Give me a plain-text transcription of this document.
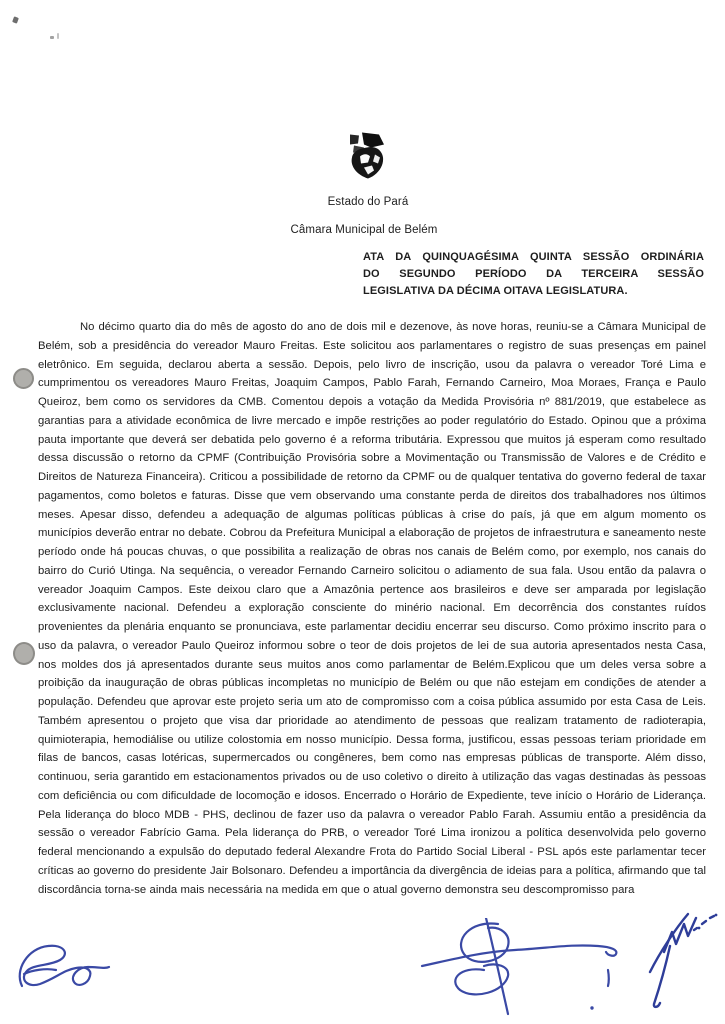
Estado do Pará
Câmara Municipal de Belém
ATA DA QUINQUAGÉSIMA QUINTA SESSÃO ORDINÁRIA
DO SEGUNDO PERÍODO DA TERCEIRA SESSÃO
LEGISLATIVA DA DÉCIMA OITAVA LEGISLATURA.
No décimo quarto dia do mês de agosto do ano de dois mil e dezenove, às nove horas, reuniu-se a Câmara Municipal de Belém, sob a presidência do vereador Mauro Freitas. Este solicitou aos parlamentares o registro de suas presenças em painel eletrônico. Em seguida, declarou aberta a sessão. Depois, pelo livro de inscrição, usou da palavra o vereador Toré Lima e cumprimentou os vereadores Mauro Freitas, Joaquim Campos, Pablo Farah, Fernando Carneiro, Moa Moraes, França e Paulo Queiroz, bem como os servidores da CMB. Comentou depois a votação da Medida Provisória nº 881/2019, que estabelece as garantias para a atividade econômica de livre mercado e impõe restrições ao poder regulatório do Estado. Opinou que a próxima pauta importante que deverá ser debatida pelo governo é a reforma tributária. Expressou que muitos já esperam como resultado dessa discussão o retorno da CPMF (Contribuição Provisória sobre a Movimentação ou Transmissão de Valores e de Crédito e Direitos de Natureza Financeira). Criticou a possibilidade de retorno da CPMF ou de qualquer tentativa do governo federal de taxar pagamentos, como boletos e faturas. Disse que vem observando uma constante perda de direitos dos trabalhadores nos últimos meses. Apesar disso, defendeu a adequação de algumas políticas públicas à crise do país, já que em algum momento os municípios deverão entrar no debate. Cobrou da Prefeitura Municipal a elaboração de projetos de infraestrutura e saneamento neste período onde há poucas chuvas, o que possibilita a realização de obras nos canais de Belém como, por exemplo, nos canais do bairro do Curió Utinga. Na sequência, o vereador Fernando Carneiro solicitou o adiamento de sua fala. Usou então da palavra o vereador Joaquim Campos. Este deixou claro que a Amazônia pertence aos brasileiros e deve ser amparada por legislação exclusivamente nacional. Defendeu a exploração consciente do minério nacional. Em decorrência dos constantes ruídos provenientes da plenária enquanto se pronunciava, este parlamentar decidiu encerrar seu discurso. Como próximo inscrito para o uso da palavra, o vereador Paulo Queiroz informou sobre o teor de dois projetos de lei de sua autoria apresentados nesta Casa, nos moldes dos já apresentados durante seus muitos anos como parlamentar de Belém.Explicou que um deles versa sobre a proibição da inauguração de obras públicas incompletas no município de Belém ou que não estejam em condições de atender a população. Defendeu que aprovar este projeto seria um ato de compromisso com a coisa pública assumido por esta Casa de Leis. Também apresentou o projeto que visa dar prioridade ao atendimento de pessoas que realizam tratamento de radioterapia, quimioterapia, hemodiálise ou utilize colostomia em nosso município. Dessa forma, justificou, essas pessoas teriam prioridade em filas de bancos, casas lotéricas, supermercados ou congêneres, bem como nas empresas públicas de transporte. Além disso, continuou, seria garantido em estacionamentos privados ou de uso coletivo o direito à utilização das vagas destinadas às pessoas com deficiência ou com dificuldade de locomoção e idosos. Encerrado o Horário de Expediente, teve início o Horário de Liderança. Pela liderança do bloco MDB - PHS, declinou de fazer uso da palavra o vereador Pablo Farah. Assumiu então a presidência da sessão o vereador Fabrício Gama. Pela liderança do PRB, o vereador Toré Lima ironizou a política desenvolvida pelo governo federal mencionando a expulsão do deputado federal Alexandre Frota do Partido Social Liberal - PSL após este parlamentar tecer críticas ao governo do presidente Jair Bolsonaro. Defendeu a importância da divergência de ideias para a política, afirmando que tal discordância torna-se ainda mais necessária na medida em que o atual governo demonstra seu descompromisso para
